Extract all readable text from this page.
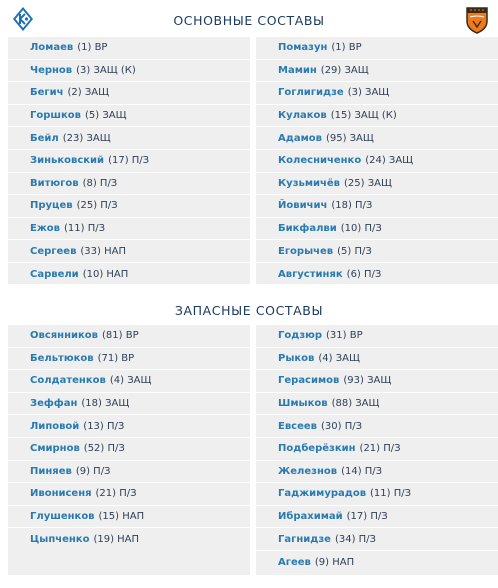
ОСНОВНЫЕ СОСТАВЫ
Ломаев (1) ВР
Чернов (3) ЗАЩ (К)
Бегич (2) ЗАЩ
Горшков (5) ЗАЩ
Бейл (23) ЗАЩ
Зиньковский (17) П/З
Витюгов (8) П/З
Пруцев (25) П/З
Ежов (11) П/З
Сергеев (33) НАП
Сарвели (10) НАП
Помазун (1) ВР
Мамин (29) ЗАЩ
Гоглигидзе (3) ЗАЩ
Кулаков (15) ЗАЩ (К)
Адамов (95) ЗАЩ
Колесниченко (24) ЗАЩ
Кузьмичёв (25) ЗАЩ
Йовичич (18) П/З
Бикфалви (10) П/З
Егорычев (5) П/З
Августиняк (6) П/З
ЗАПАСНЫЕ СОСТАВЫ
Овсянников (81) ВР
Бельтюков (71) ВР
Солдатенков (4) ЗАЩ
Зеффан (18) ЗАЩ
Липовой (13) П/З
Смирнов (52) П/З
Пиняев (9) П/З
Ивонисеня (21) П/З
Глушенков (15) НАП
Цыпченко (19) НАП
Годзюр (31) ВР
Рыков (4) ЗАЩ
Герасимов (93) ЗАЩ
Шмыков (88) ЗАЩ
Евсеев (30) П/З
Подберёзкин (21) П/З
Железнов (14) П/З
Гаджимурадов (11) П/З
Ибрахимай (17) П/З
Гагнидзе (34) П/З
Агеев (9) НАП
